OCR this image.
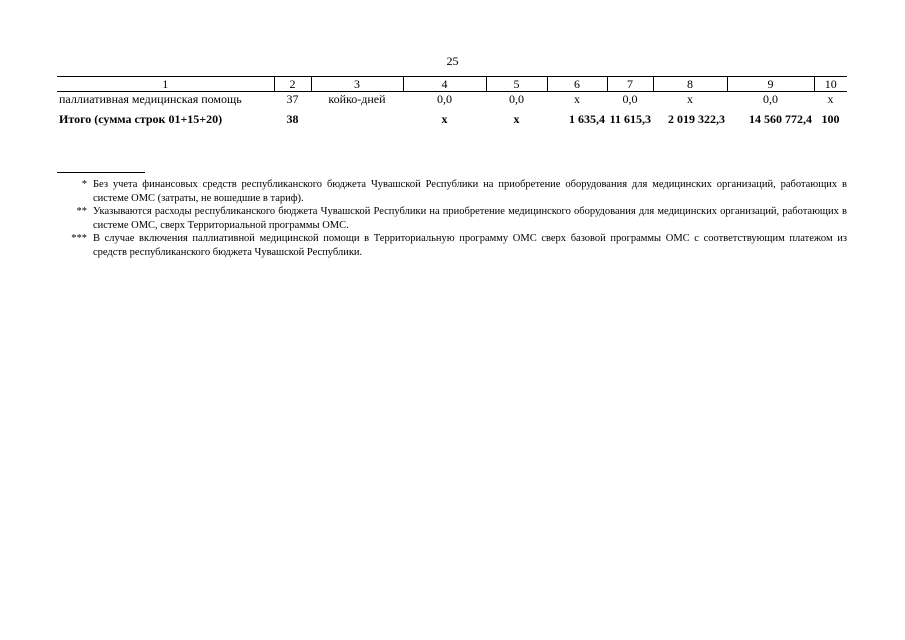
25
1	2	3	4	5	6	7	8	9	10
паллиативная медицинская помощь	37	койко-дней	0,0	0,0	х	0,0	х	0,0	х
Итого (сумма строк 01+15+20)	38		х	х	1 635,4	11 615,3	2 019 322,3	14 560 772,4	100
* Без учета финансовых средств республиканского бюджета Чувашской Республики на приобретение оборудования для медицинских организаций, работающих в системе ОМС (затраты, не вошедшие в тариф).
** Указываются расходы республиканского бюджета Чувашской Республики на приобретение медицинского оборудования для медицинских организаций, работающих в системе ОМС, сверх Территориальной программы ОМС.
*** В случае включения паллиативной медицинской помощи в Территориальную программу ОМС сверх базовой программы ОМС с соответствующим платежом из средств республиканского бюджета Чувашской Республики.
